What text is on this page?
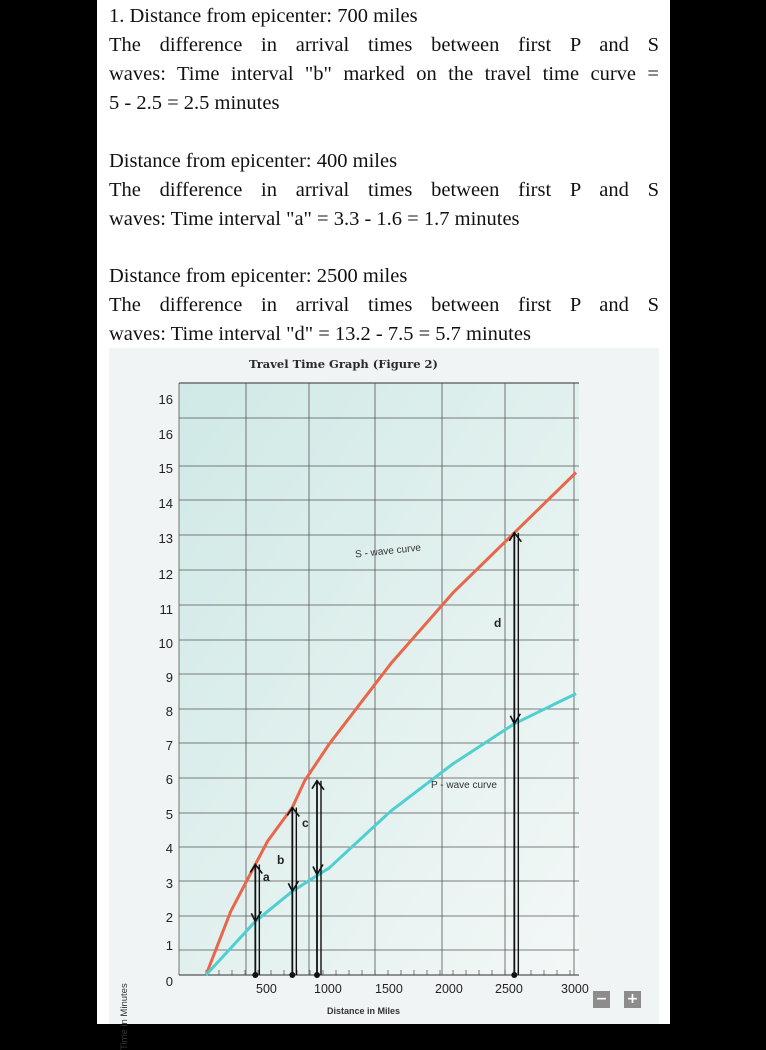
1. Distance from epicenter: 700 miles
The difference in arrival times between first P and S
waves: Time interval "b" marked on the travel time curve =
5 - 2.5 = 2.5 minutes
Distance from epicenter: 400 miles
The difference in arrival times between first P and S
waves: Time interval "a" = 3.3 - 1.6 = 1.7 minutes
Distance from epicenter: 2500 miles
The difference in arrival times between first P and S
waves: Time interval "d" = 13.2 - 7.5 = 5.7 minutes
Travel Time Graph (Figure 2)
16
16
15
14
13
12
11
10
9
8
7
6
5
4
3
2
1
0	500	1000	1500	2000	2500	3000
Time in Minutes	Distance in Miles
S - wave curve
P - wave curve
a
b
c
d
− +
